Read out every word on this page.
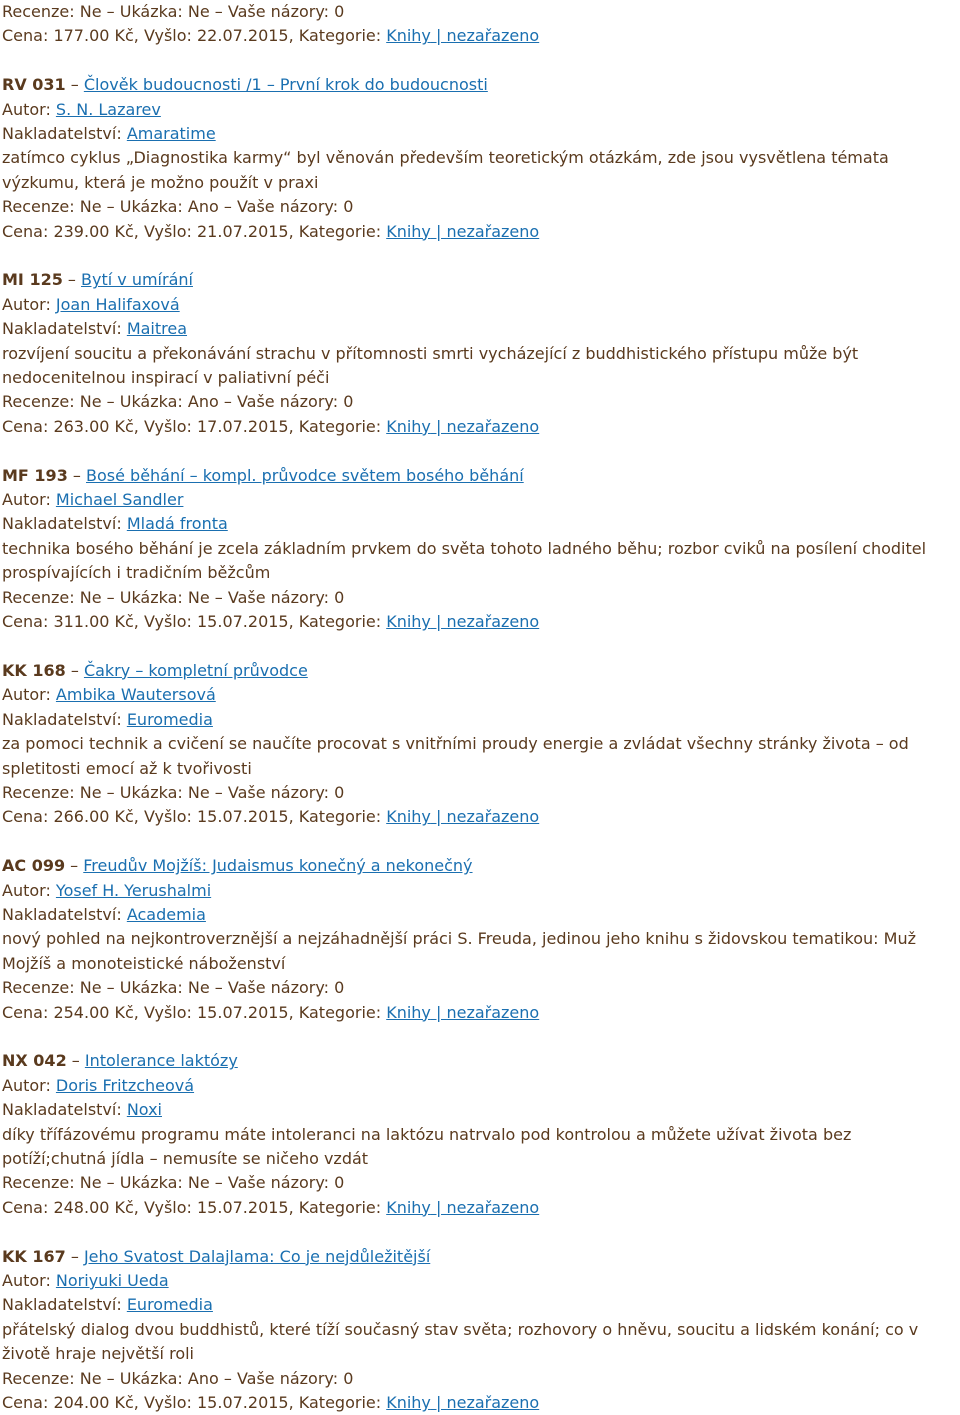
Recenze: Ne – Ukázka: Ne – Vaše názory: 0
Cena: 177.00 Kč, Vyšlo: 22.07.2015, Kategorie: Knihy | nezařazeno
RV 031 – Člověk budoucnosti /1 – První krok do budoucnosti
Autor: S. N. Lazarev
Nakladatelství: Amaratime
zatímco cyklus „Diagnostika karmy“ byl věnován především teoretickým otázkám, zde jsou vysvětlena témata výzkumu, která je možno použít v praxi
Recenze: Ne – Ukázka: Ano – Vaše názory: 0
Cena: 239.00 Kč, Vyšlo: 21.07.2015, Kategorie: Knihy | nezařazeno
MI 125 – Bytí v umírání
Autor: Joan Halifaxová
Nakladatelství: Maitrea
rozvíjení soucitu a překonávání strachu v přítomnosti smrti vycházející z buddhistického přístupu může být nedocenitelnou inspirací v paliativní péči
Recenze: Ne – Ukázka: Ano – Vaše názory: 0
Cena: 263.00 Kč, Vyšlo: 17.07.2015, Kategorie: Knihy | nezařazeno
MF 193 – Bosé běhání – kompl. průvodce světem bosého běhání
Autor: Michael Sandler
Nakladatelství: Mladá fronta
technika bosého běhání je zcela základním prvkem do světa tohoto ladného běhu; rozbor cviků na posílení choditel prospívajících i tradičním běžcům
Recenze: Ne – Ukázka: Ne – Vaše názory: 0
Cena: 311.00 Kč, Vyšlo: 15.07.2015, Kategorie: Knihy | nezařazeno
KK 168 – Čakry – kompletní průvodce
Autor: Ambika Wautersová
Nakladatelství: Euromedia
za pomoci technik a cvičení se naučíte procovat s vnitřními proudy energie a zvládat všechny stránky života – od spletitosti emocí až k tvořivosti
Recenze: Ne – Ukázka: Ne – Vaše názory: 0
Cena: 266.00 Kč, Vyšlo: 15.07.2015, Kategorie: Knihy | nezařazeno
AC 099 – Freudův Mojžíš: Judaismus konečný a nekonečný
Autor: Yosef H. Yerushalmi
Nakladatelství: Academia
nový pohled na nejkontroverznější a nejzáhadnější práci S. Freuda, jedinou jeho knihu s židovskou tematikou: Muž Mojžíš a monoteistické náboženství
Recenze: Ne – Ukázka: Ne – Vaše názory: 0
Cena: 254.00 Kč, Vyšlo: 15.07.2015, Kategorie: Knihy | nezařazeno
NX 042 – Intolerance laktózy
Autor: Doris Fritzcheová
Nakladatelství: Noxi
díky třífázovému programu máte intoleranci na laktózu natrvalo pod kontrolou a můžete užívat života bez potíží;chutná jídla – nemusíte se ničeho vzdát
Recenze: Ne – Ukázka: Ne – Vaše názory: 0
Cena: 248.00 Kč, Vyšlo: 15.07.2015, Kategorie: Knihy | nezařazeno
KK 167 – Jeho Svatost Dalajlama: Co je nejdůležitější
Autor: Noriyuki Ueda
Nakladatelství: Euromedia
přátelský dialog dvou buddhistů, které tíží současný stav světa; rozhovory o hněvu, soucitu a lidském konání; co v životě hraje největší roli
Recenze: Ne – Ukázka: Ano – Vaše názory: 0
Cena: 204.00 Kč, Vyšlo: 15.07.2015, Kategorie: Knihy | nezařazeno
